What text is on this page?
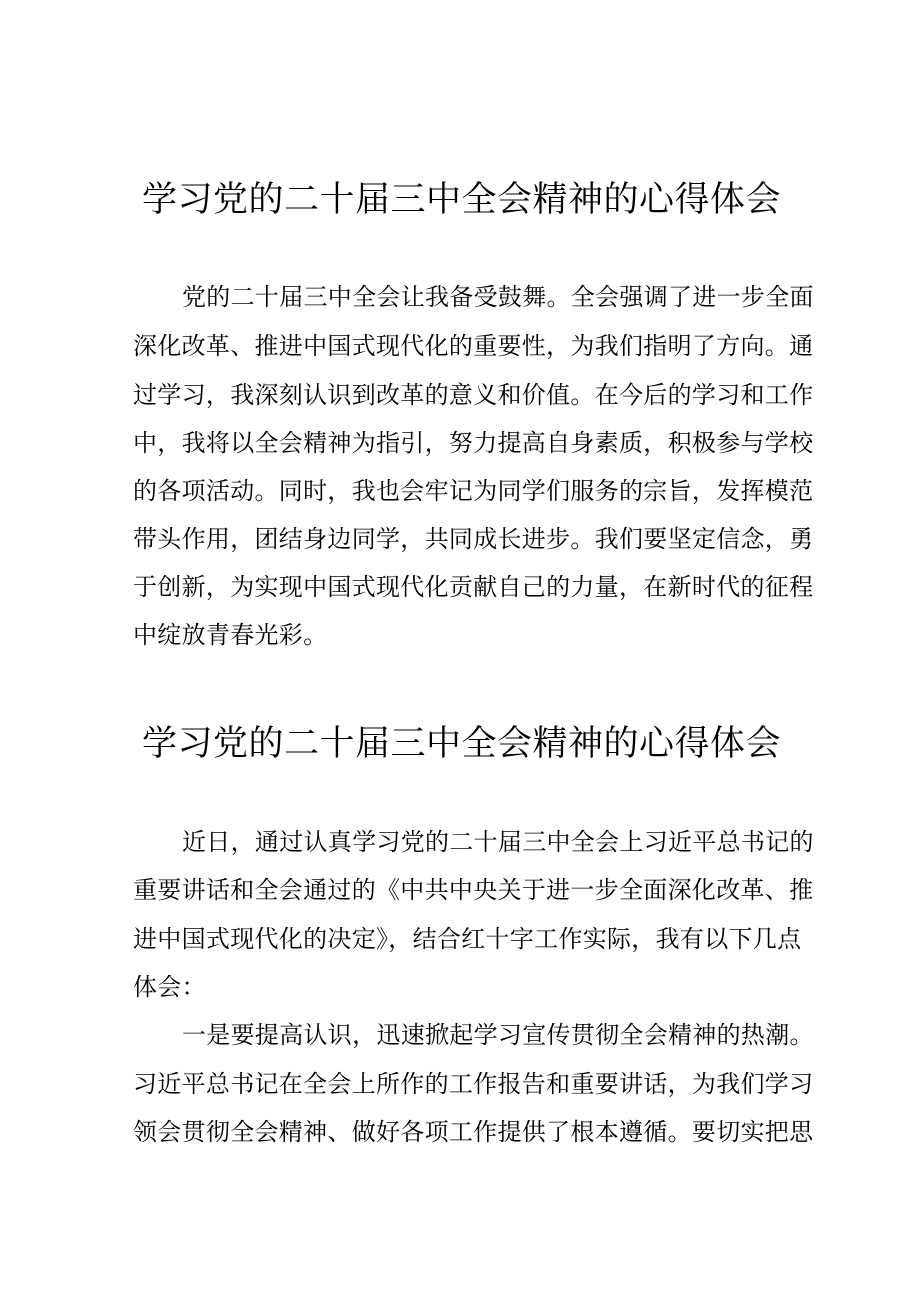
学习党的二十届三中全会精神的心得体会
党的二十届三中全会让我备受鼓舞。全会强调了进一步全面
深化改革、推进中国式现代化的重要性，为我们指明了方向。通
过学习，我深刻认识到改革的意义和价值。在今后的学习和工作
中，我将以全会精神为指引，努力提高自身素质，积极参与学校
的各项活动。同时，我也会牢记为同学们服务的宗旨，发挥模范
带头作用，团结身边同学，共同成长进步。我们要坚定信念，勇
于创新，为实现中国式现代化贡献自己的力量，在新时代的征程
中绽放青春光彩。
学习党的二十届三中全会精神的心得体会
近日，通过认真学习党的二十届三中全会上习近平总书记的
重要讲话和全会通过的《中共中央关于进一步全面深化改革、推
进中国式现代化的决定》，结合红十字工作实际，我有以下几点
体会：
一是要提高认识，迅速掀起学习宣传贯彻全会精神的热潮。
习近平总书记在全会上所作的工作报告和重要讲话，为我们学习
领会贯彻全会精神、做好各项工作提供了根本遵循。要切实把思
